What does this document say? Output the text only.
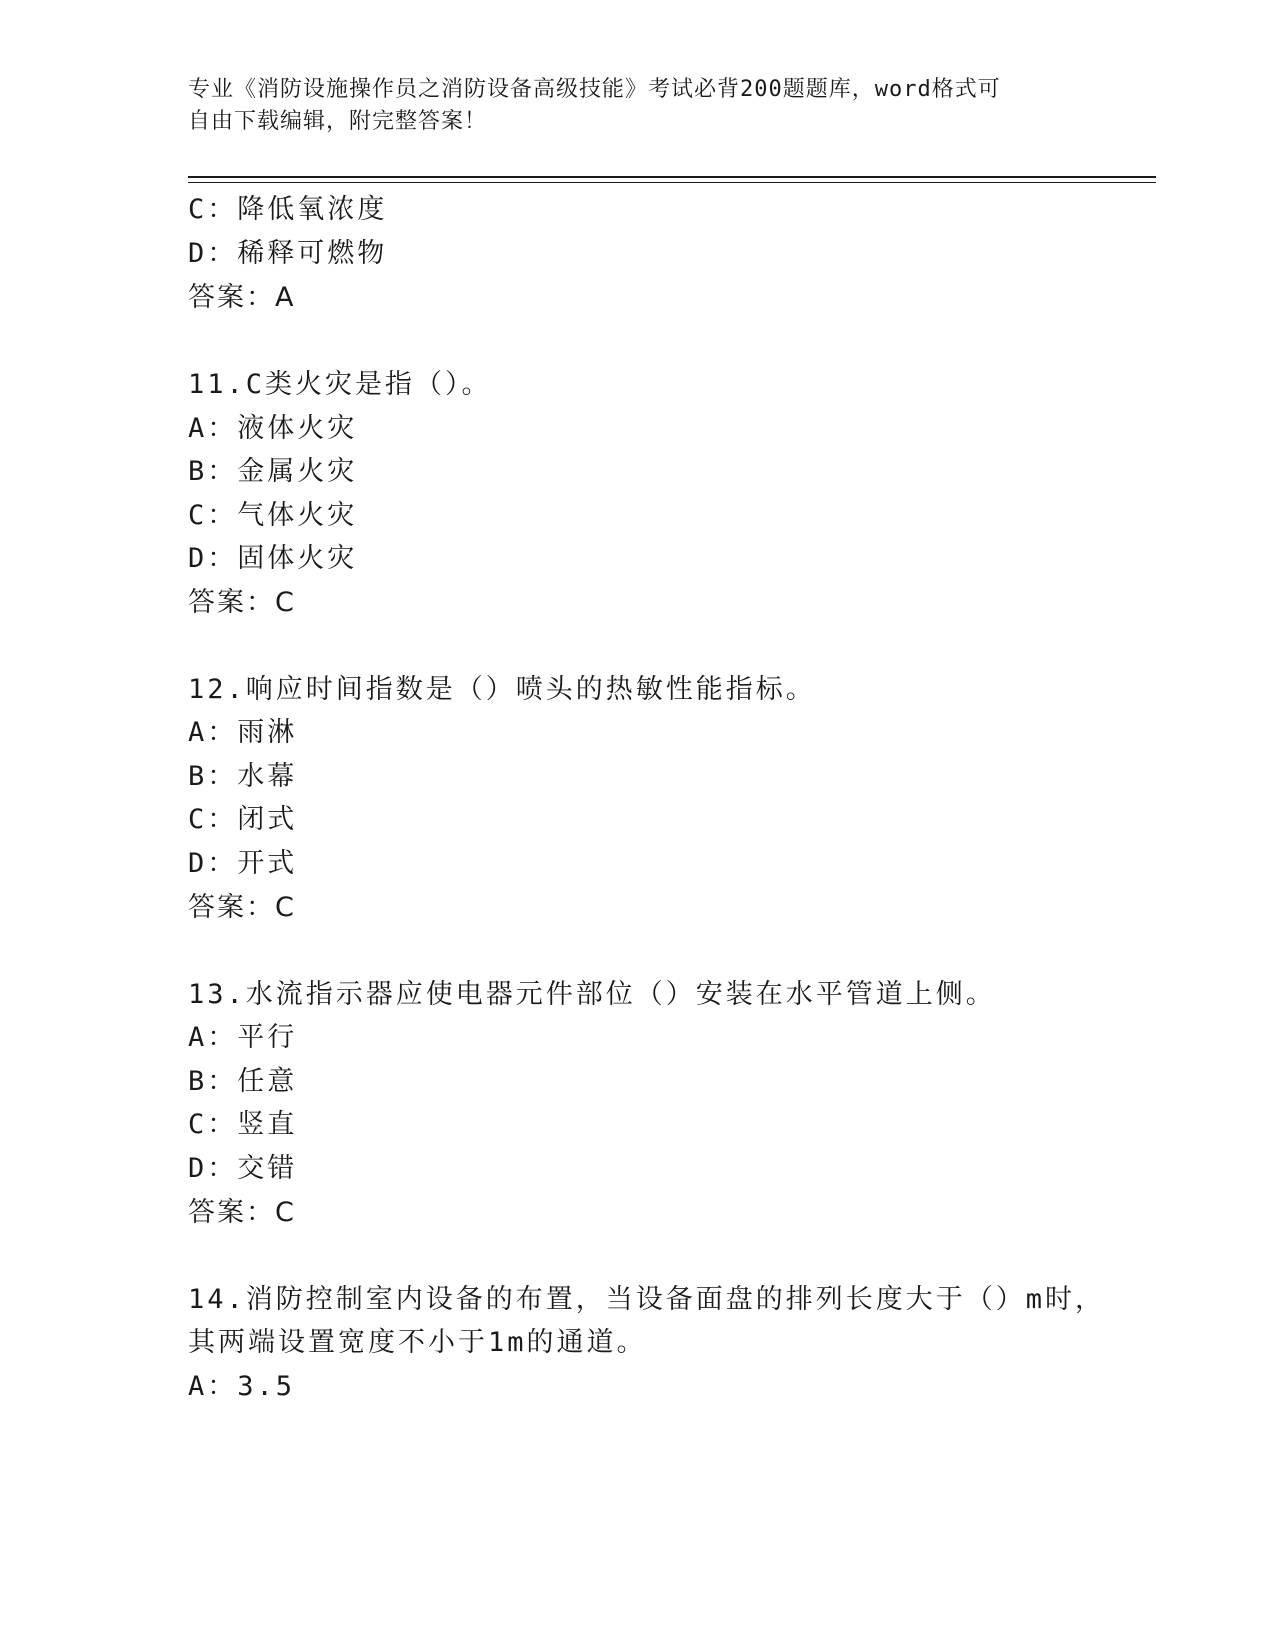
专业《消防设施操作员之消防设备高级技能》考试必背200题题库，word格式可
自由下载编辑，附完整答案！
C：降低氧浓度
D：稀释可燃物
答案：A
11.C类火灾是指（）。
A：液体火灾
B：金属火灾
C：气体火灾
D：固体火灾
答案：C
12.响应时间指数是（）喷头的热敏性能指标。
A：雨淋
B：水幕
C：闭式
D：开式
答案：C
13.水流指示器应使电器元件部位（）安装在水平管道上侧。
A：平行
B：任意
C：竖直
D：交错
答案：C
14.消防控制室内设备的布置，当设备面盘的排列长度大于（）m时，
其两端设置宽度不小于1m的通道。
A：3.5
